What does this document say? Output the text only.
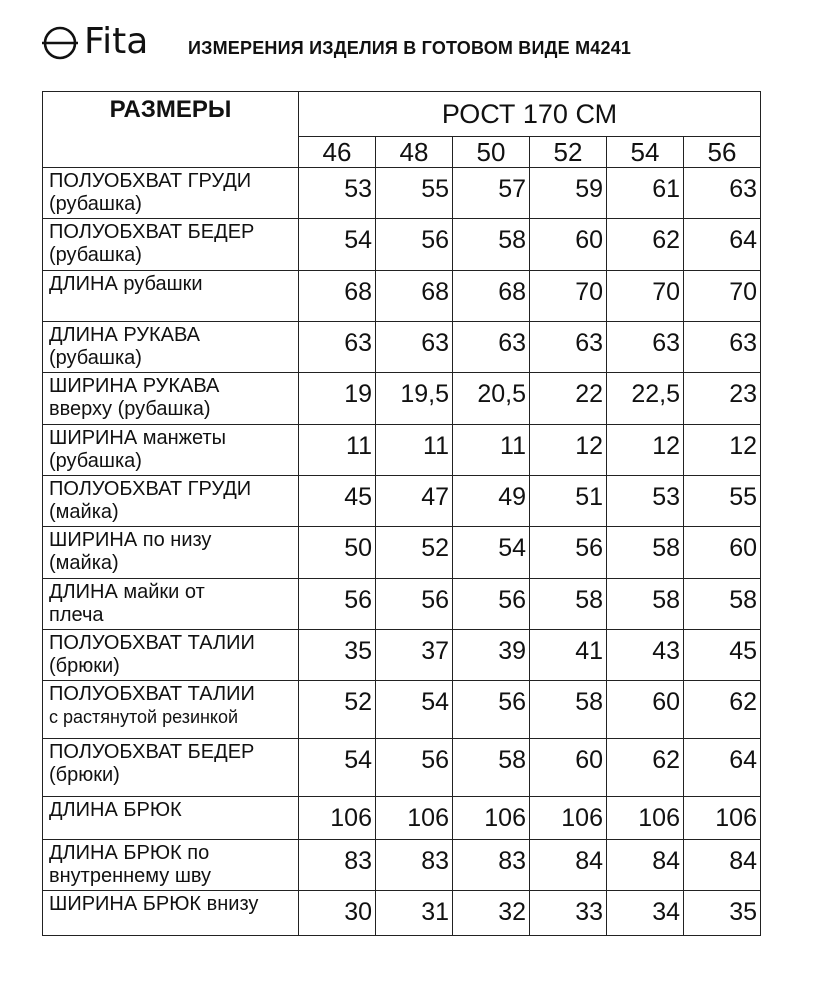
Fita ИЗМЕРЕНИЯ ИЗДЕЛИЯ В ГОТОВОМ ВИДЕ М4241
РАЗМЕРЫ	РОСТ 170 СМ					
	46	48	50	52	54	56

ПОЛУОБХВАТ ГРУДИ
(рубашка)	53	55	57	59	61	63

ПОЛУОБХВАТ БЕДЕР
(рубашка)	54	56	58	60	62	64

ДЛИНА рубашки	68	68	68	70	70	70

ДЛИНА РУКАВА
(рубашка)	63	63	63	63	63	63

ШИРИНА РУКАВА
вверху (рубашка)	19	19,5	20,5	22	22,5	23

ШИРИНА манжеты
(рубашка)	11	11	11	12	12	12

ПОЛУОБХВАТ ГРУДИ
(майка)	45	47	49	51	53	55

ШИРИНА по низу
(майка)	50	52	54	56	58	60

ДЛИНА майки от
плеча	56	56	56	58	58	58

ПОЛУОБХВАТ ТАЛИИ
(брюки)	35	37	39	41	43	45

ПОЛУОБХВАТ ТАЛИИ
с растянутой резинкой	52	54	56	58	60	62

ПОЛУОБХВАТ БЕДЕР
(брюки)	54	56	58	60	62	64

ДЛИНА БРЮК	106	106	106	106	106	106

ДЛИНА БРЮК по
внутреннему шву	83	83	83	84	84	84

ШИРИНА БРЮК внизу	30	31	32	33	34	35
